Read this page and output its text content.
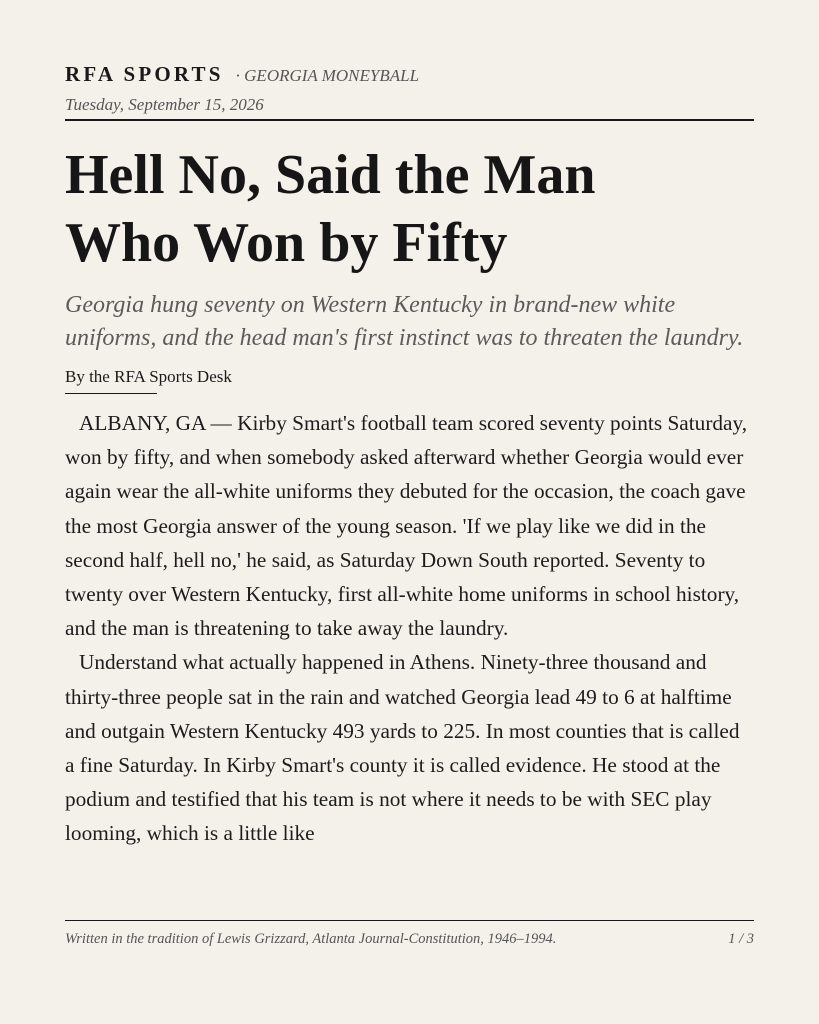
RFA SPORTS · GEORGIA MONEYBALL
Tuesday, September 15, 2026
Hell No, Said the Man
Who Won by Fifty
Georgia hung seventy on Western Kentucky in brand-new white uniforms, and the head man's first instinct was to threaten the laundry.
By the RFA Sports Desk

ALBANY, GA — Kirby Smart's football team scored seventy points Saturday, won by fifty, and when somebody asked afterward whether Georgia would ever again wear the all-white uniforms they debuted for the occasion, the coach gave the most Georgia answer of the young season. 'If we play like we did in the second half, hell no,' he said, as Saturday Down South reported. Seventy to twenty over Western Kentucky, first all-white home uniforms in school history, and the man is threatening to take away the laundry.

Understand what actually happened in Athens. Ninety-three thousand and thirty-three people sat in the rain and watched Georgia lead 49 to 6 at halftime and outgain Western Kentucky 493 yards to 225. In most counties that is called a fine Saturday. In Kirby Smart's county it is called evidence. He stood at the podium and testified that his team is not where it needs to be with SEC play looming, which is a little like

Written in the tradition of Lewis Grizzard, Atlanta Journal-Constitution, 1946–1994.	1 / 3
